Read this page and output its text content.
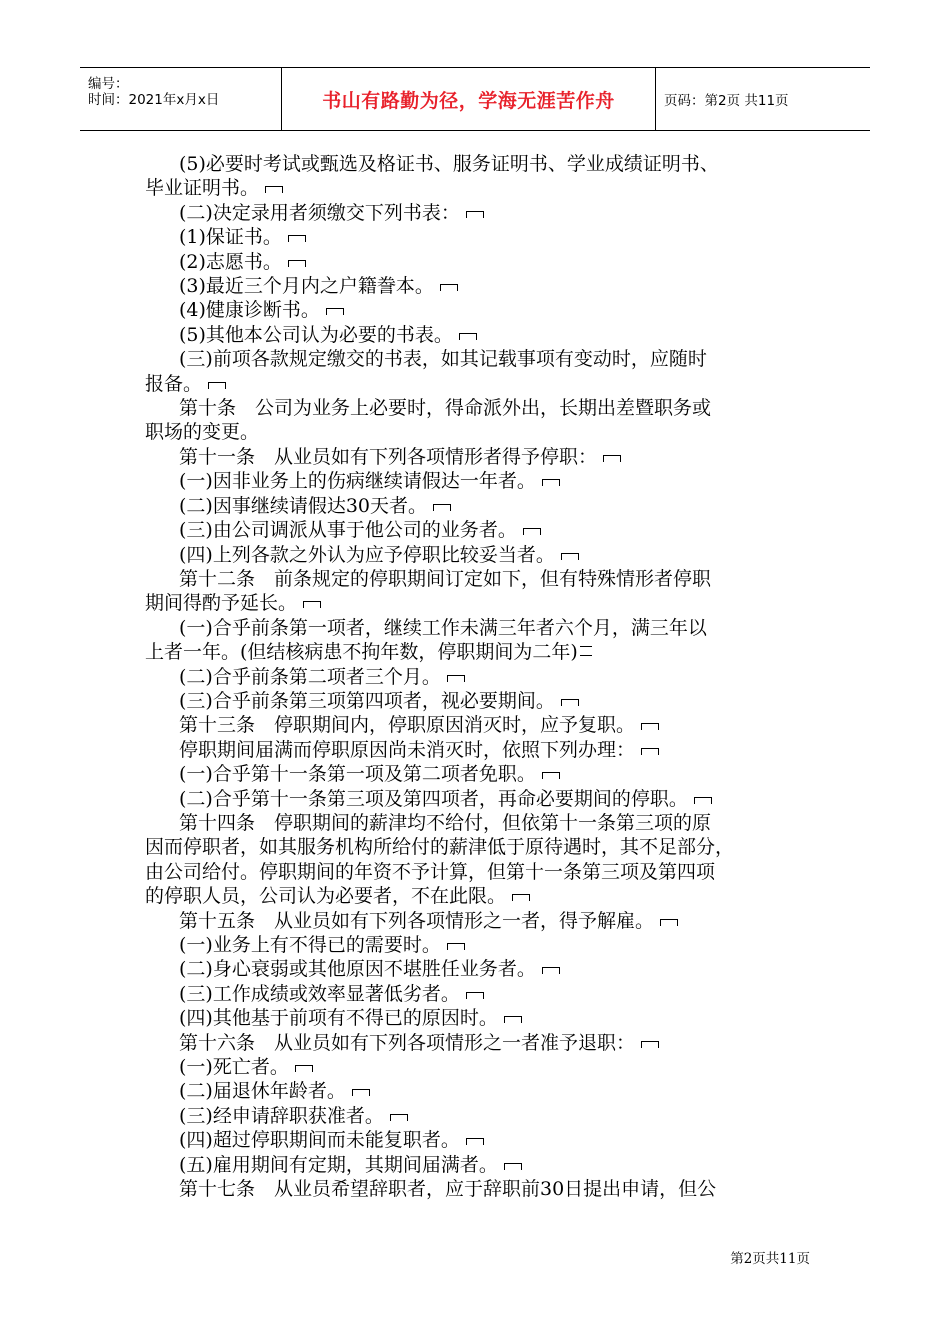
编号：
时间：2021年x月x日	书山有路勤为径，学海无涯苦作舟	页码：第2页 共11页
(5)必要时考试或甄选及格证书、服务证明书、学业成绩证明书、
毕业证明书。
(二)决定录用者须缴交下列书表：
(1)保证书。
(2)志愿书。
(3)最近三个月内之户籍誊本。
(4)健康诊断书。
(5)其他本公司认为必要的书表。
(三)前项各款规定缴交的书表，如其记载事项有变动时，应随时
报备。
第十条　公司为业务上必要时，得命派外出，长期出差暨职务或
职场的变更。
第十一条　从业员如有下列各项情形者得予停职：
(一)因非业务上的伤病继续请假达一年者。
(二)因事继续请假达30天者。
(三)由公司调派从事于他公司的业务者。
(四)上列各款之外认为应予停职比较妥当者。
第十二条　前条规定的停职期间订定如下，但有特殊情形者停职
期间得酌予延长。
(一)合乎前条第一项者，继续工作未满三年者六个月，满三年以
上者一年。(但结核病患不拘年数，停职期间为二年)
(二)合乎前条第二项者三个月。
(三)合乎前条第三项第四项者，视必要期间。
第十三条　停职期间内，停职原因消灭时，应予复职。
停职期间届满而停职原因尚未消灭时，依照下列办理：
(一)合乎第十一条第一项及第二项者免职。
(二)合乎第十一条第三项及第四项者，再命必要期间的停职。
第十四条　停职期间的薪津均不给付，但依第十一条第三项的原
因而停职者，如其服务机构所给付的薪津低于原待遇时，其不足部分，
由公司给付。停职期间的年资不予计算，但第十一条第三项及第四项
的停职人员，公司认为必要者，不在此限。
第十五条　从业员如有下列各项情形之一者，得予解雇。
(一)业务上有不得已的需要时。
(二)身心衰弱或其他原因不堪胜任业务者。
(三)工作成绩或效率显著低劣者。
(四)其他基于前项有不得已的原因时。
第十六条　从业员如有下列各项情形之一者准予退职：
(一)死亡者。
(二)届退休年龄者。
(三)经申请辞职获准者。
(四)超过停职期间而未能复职者。
(五)雇用期间有定期，其期间届满者。
第十七条　从业员希望辞职者，应于辞职前30日提出申请，但公
第2页共11页
